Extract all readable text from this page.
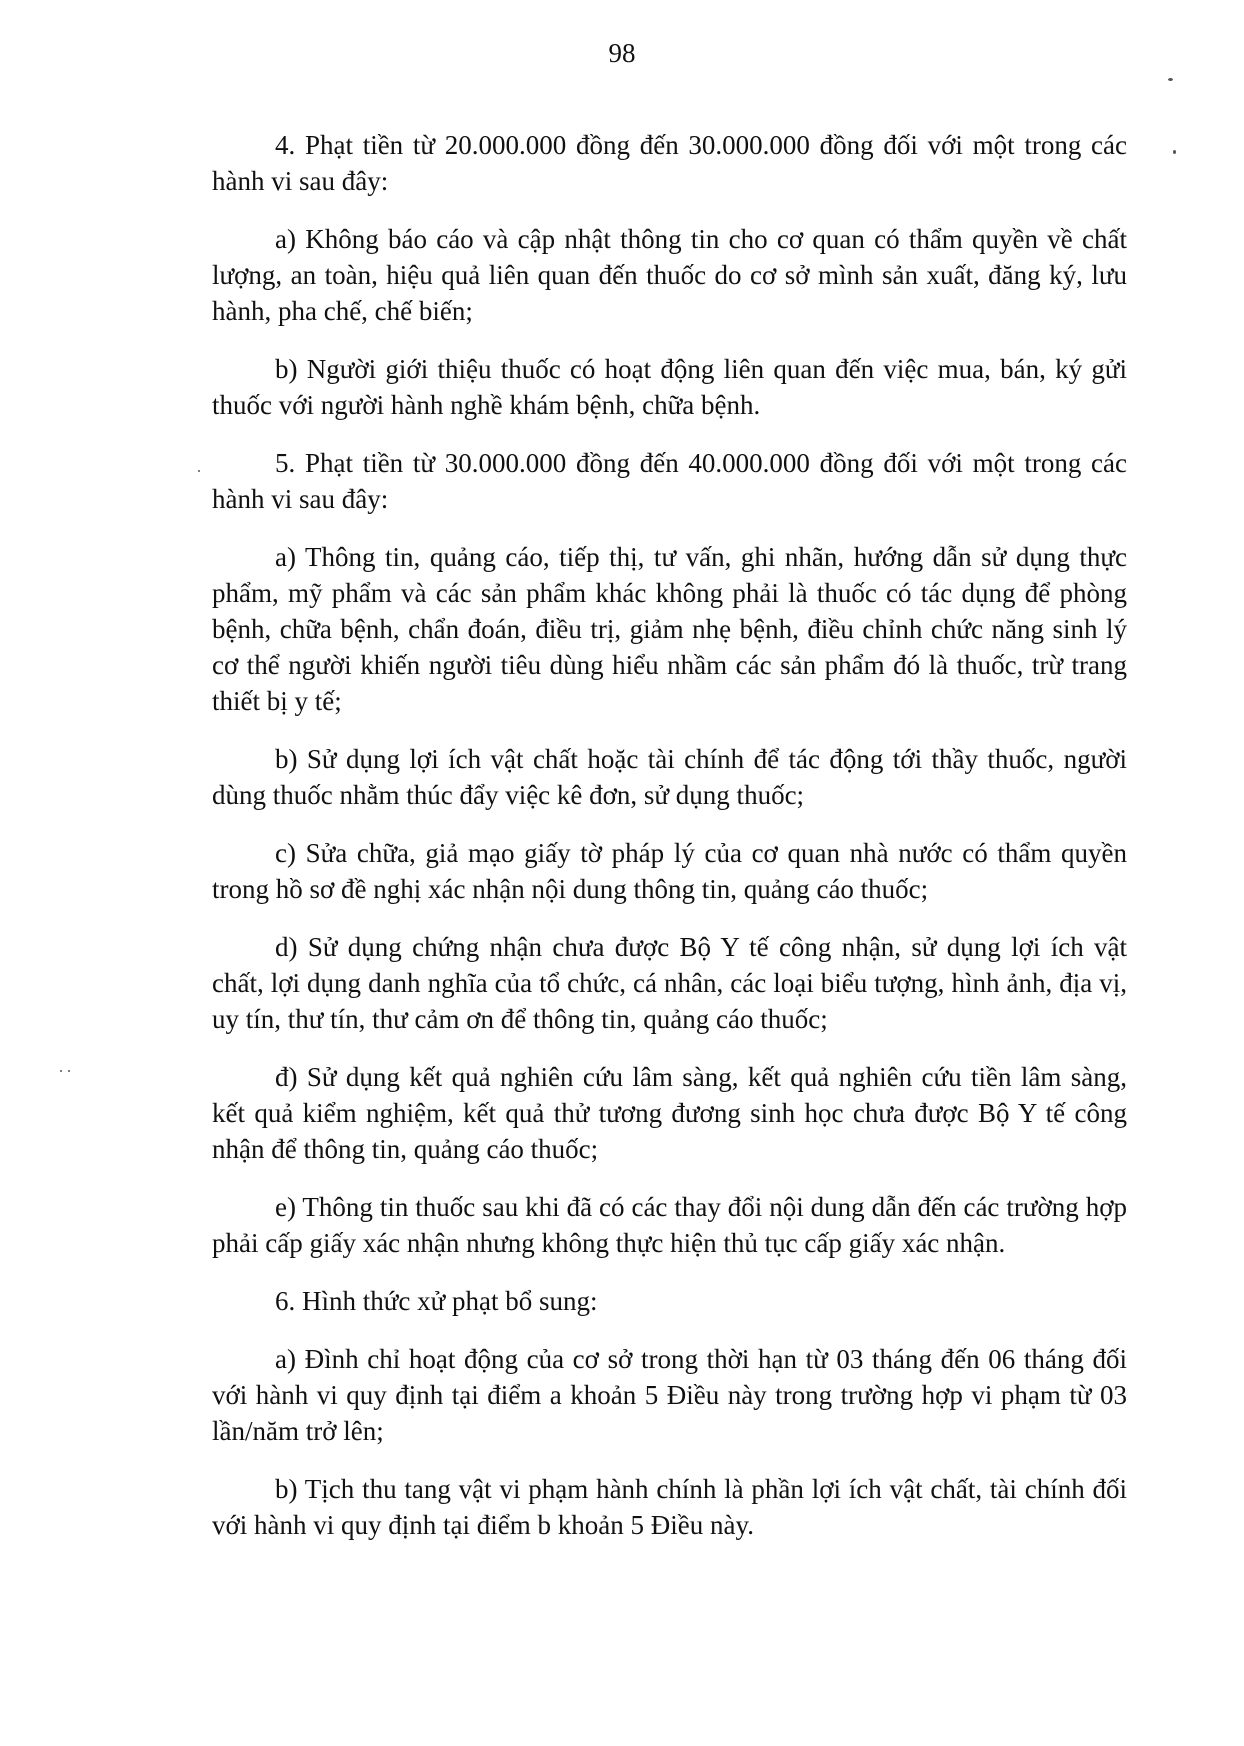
98

4. Phạt tiền từ 20.000.000 đồng đến 30.000.000 đồng đối với một trong các hành vi sau đây:

a) Không báo cáo và cập nhật thông tin cho cơ quan có thẩm quyền về chất lượng, an toàn, hiệu quả liên quan đến thuốc do cơ sở mình sản xuất, đăng ký, lưu hành, pha chế, chế biến;

b) Người giới thiệu thuốc có hoạt động liên quan đến việc mua, bán, ký gửi thuốc với người hành nghề khám bệnh, chữa bệnh.

5. Phạt tiền từ 30.000.000 đồng đến 40.000.000 đồng đối với một trong các hành vi sau đây:

a) Thông tin, quảng cáo, tiếp thị, tư vấn, ghi nhãn, hướng dẫn sử dụng thực phẩm, mỹ phẩm và các sản phẩm khác không phải là thuốc có tác dụng để phòng bệnh, chữa bệnh, chẩn đoán, điều trị, giảm nhẹ bệnh, điều chỉnh chức năng sinh lý cơ thể người khiến người tiêu dùng hiểu nhầm các sản phẩm đó là thuốc, trừ trang thiết bị y tế;

b) Sử dụng lợi ích vật chất hoặc tài chính để tác động tới thầy thuốc, người dùng thuốc nhằm thúc đẩy việc kê đơn, sử dụng thuốc;

c) Sửa chữa, giả mạo giấy tờ pháp lý của cơ quan nhà nước có thẩm quyền trong hồ sơ đề nghị xác nhận nội dung thông tin, quảng cáo thuốc;

d) Sử dụng chứng nhận chưa được Bộ Y tế công nhận, sử dụng lợi ích vật chất, lợi dụng danh nghĩa của tổ chức, cá nhân, các loại biểu tượng, hình ảnh, địa vị, uy tín, thư tín, thư cảm ơn để thông tin, quảng cáo thuốc;

đ) Sử dụng kết quả nghiên cứu lâm sàng, kết quả nghiên cứu tiền lâm sàng, kết quả kiểm nghiệm, kết quả thử tương đương sinh học chưa được Bộ Y tế công nhận để thông tin, quảng cáo thuốc;

e) Thông tin thuốc sau khi đã có các thay đổi nội dung dẫn đến các trường hợp phải cấp giấy xác nhận nhưng không thực hiện thủ tục cấp giấy xác nhận.

6. Hình thức xử phạt bổ sung:

a) Đình chỉ hoạt động của cơ sở trong thời hạn từ 03 tháng đến 06 tháng đối với hành vi quy định tại điểm a khoản 5 Điều này trong trường hợp vi phạm từ 03 lần/năm trở lên;

b) Tịch thu tang vật vi phạm hành chính là phần lợi ích vật chất, tài chính đối với hành vi quy định tại điểm b khoản 5 Điều này.
